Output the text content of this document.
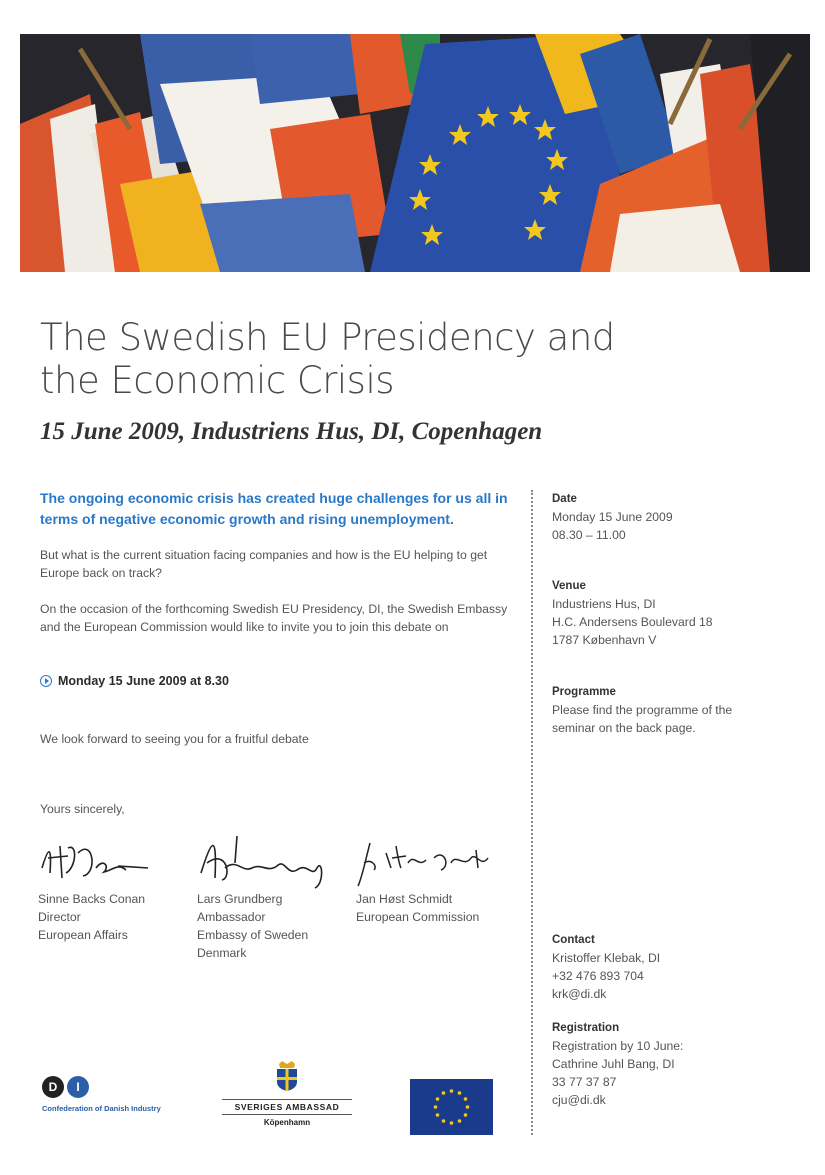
The Swedish EU Presidency and
the Economic Crisis
15 June 2009, Industriens Hus, DI, Copenhagen

The ongoing economic crisis has created huge challenges for us all in terms of negative economic growth and rising unemployment.

But what is the current situation facing companies and how is the EU helping to get Europe back on track?

On the occasion of the forthcoming Swedish EU Presidency, DI, the Swedish Embassy and the European Commission would like to invite you to join this debate on

Monday 15 June 2009 at 8.30

We look forward to seeing you for a fruitful debate

Yours sincerely,

Sinne Backs Conan
Director
European Affairs
Lars Grundberg
Ambassador
Embassy of Sweden
Denmark
Jan Høst Schmidt
European Commission
Date
Monday 15 June 2009
08.30 – 11.00
Venue
Industriens Hus, DI
H.C. Andersens Boulevard 18
1787 København V
Programme
Please find the programme of the seminar on the back page.
Contact
Kristoffer Klebak, DI
+32 476 893 704
krk@di.dk
Registration
Registration by 10 June:
Cathrine Juhl Bang, DI
33 77 37 87
cju@di.dk
D	I
Confederation of Danish Industry	SVERIGES AMBASSAD
Köpenhamn
